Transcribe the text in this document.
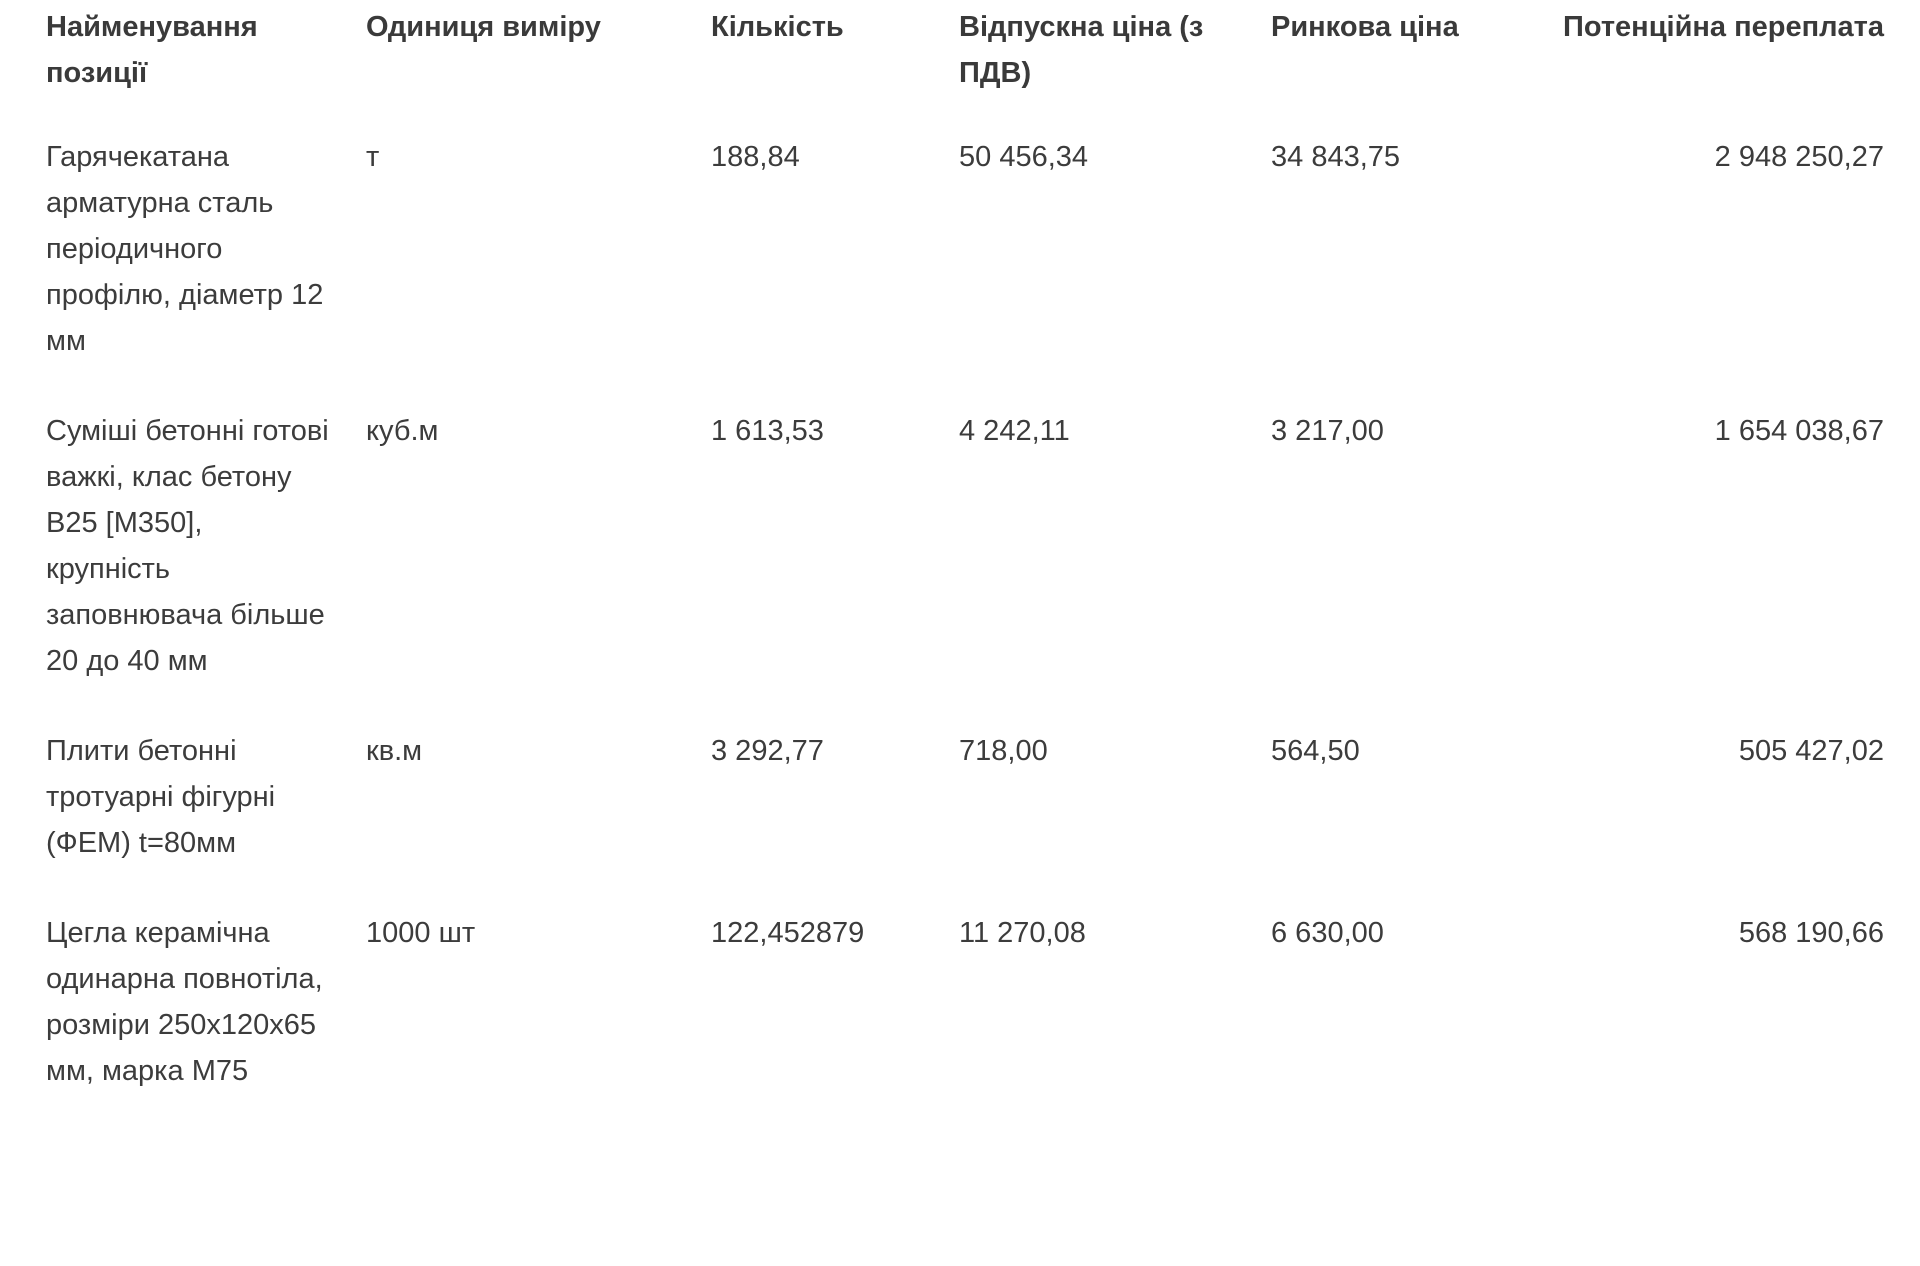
Найменування позиції	Одиниця виміру	Кількість	Відпускна ціна (з ПДВ)	Ринкова ціна	Потенційна переплата
Гарячекатана арматурна сталь періодичного профілю, діаметр 12 мм	т	188,84	50 456,34	34 843,75	2 948 250,27
Суміші бетонні готові важкі, клас бетону B25 [М350], крупність заповнювача більше 20 до 40 мм	куб.м	1 613,53	4 242,11	3 217,00	1 654 038,67
Плити бетонні тротуарні фігурні (ФЕМ) t=80мм	кв.м	3 292,77	718,00	564,50	505 427,02
Цегла керамічна одинарна повнотіла, розміри 250x120x65 мм, марка М75	1000 шт	122,452879	11 270,08	6 630,00	568 190,66
